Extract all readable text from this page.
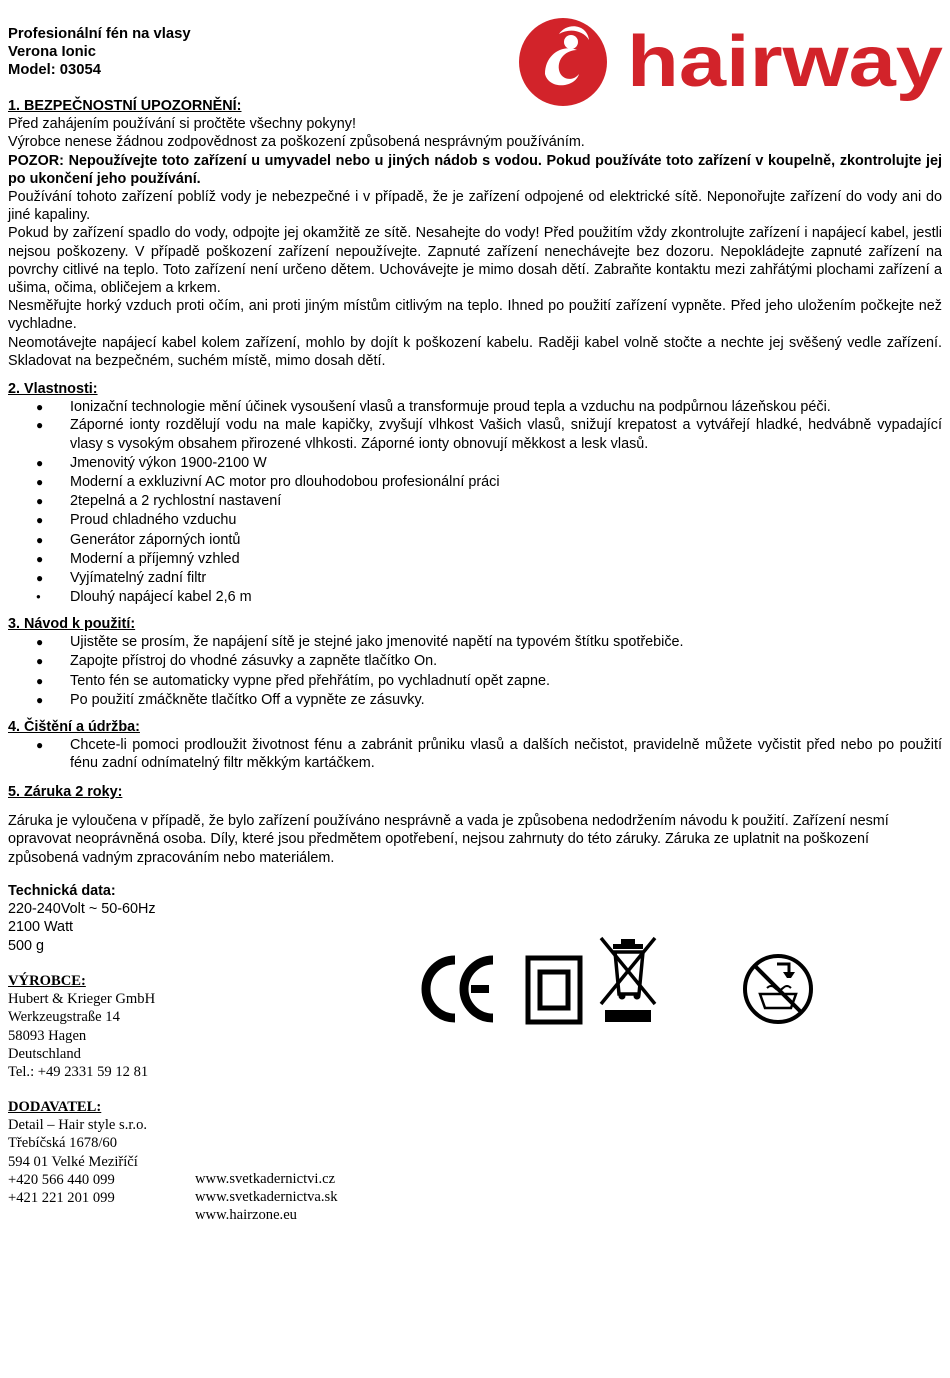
Profesionální fén na vlasy
Verona Ionic
Model: 03054	hairway

1. BEZPEČNOSTNÍ UPOZORNĚNÍ:

Před zahájením používání si pročtěte všechny pokyny!

Výrobce nenese žádnou zodpovědnost za poškození způsobená nesprávným používáním.

POZOR: Nepoužívejte toto zařízení u umyvadel nebo u jiných nádob s vodou. Pokud používáte toto zařízení v koupelně, zkontrolujte jej po ukončení jeho používání.

Používání tohoto zařízení poblíž vody je nebezpečné i v případě, že je zařízení odpojené od elektrické sítě. Neponořujte zařízení do vody ani do jiné kapaliny.

Pokud by zařízení spadlo do vody, odpojte jej okamžitě ze sítě. Nesahejte do vody! Před použitím vždy zkontrolujte zařízení i napájecí kabel, jestli nejsou poškozeny. V případě poškození zařízení nepoužívejte. Zapnuté zařízení nenechávejte bez dozoru. Nepokládejte zapnuté zařízení na povrchy citlivé na teplo. Toto zařízení není určeno dětem. Uchovávejte je mimo dosah dětí. Zabraňte kontaktu mezi zahřátými plochami zařízení a ušima, očima, obličejem a krkem.

Nesměřujte horký vzduch proti očím, ani proti jiným místům citlivým na teplo. Ihned po použití zařízení vypněte. Před jeho uložením počkejte než vychladne.

Neomotávejte napájecí kabel kolem zařízení, mohlo by dojít k poškození kabelu. Raději kabel volně stočte a nechte jej svěšený vedle zařízení. Skladovat na bezpečném, suchém místě, mimo dosah dětí.

2. Vlastnosti:

● Ionizační technologie mění účinek vysoušení vlasů a transformuje proud tepla a vzduchu na podpůrnou lázeňskou péči.
● Záporné ionty rozdělují vodu na male kapičky, zvyšují vlhkost Vašich vlasů, snižují krepatost a vytvářejí hladké, hedvábně vypadající vlasy s vysokým obsahem přirozené vlhkosti. Záporné ionty obnovují měkkost a lesk vlasů.
● Jmenovitý výkon 1900-2100 W
● Moderní a exkluzivní AC motor pro dlouhodobou profesionální práci
● 2tepelná a 2 rychlostní nastavení
● Proud chladného vzduchu
● Generátor záporných iontů
● Moderní a příjemný vzhled
● Vyjímatelný zadní filtr
● Dlouhý napájecí kabel 2,6 m

3. Návod k použití:

● Ujistěte se prosím, že napájení sítě je stejné jako jmenovité napětí na typovém štítku spotřebiče.
● Zapojte přístroj do vhodné zásuvky a zapněte tlačítko On.
● Tento fén se automaticky vypne před přehřátím, po vychladnutí opět zapne.
● Po použití zmáčkněte tlačítko Off a vypněte ze zásuvky.

4. Čištění a údržba:

● Chcete-li pomoci prodloužit životnost fénu a zabránit průniku vlasů a dalších nečistot, pravidelně můžete vyčistit před nebo po použití fénu zadní odnímatelný filtr měkkým kartáčkem.

5. Záruka 2 roky:

Záruka je vyloučena v případě, že bylo zařízení používáno nesprávně a vada je způsobena nedodržením návodu k použití. Zařízení nesmí opravovat neoprávněná osoba. Díly, které jsou předmětem opotřebení, nejsou zahrnuty do této záruky. Záruka ze uplatnit na poškození způsobená vadným zpracováním nebo materiálem.

Technická data:
220-240Volt ~ 50-60Hz
2100 Watt
500 g
VÝROBCE:
Hubert & Krieger GmbH
Werkzeugstraße 14
58093 Hagen
Deutschland
Tel.: +49 2331 59 12 81
DODAVATEL:
Detail – Hair style s.r.o.
Třebíčská 1678/60
594 01 Velké Meziříčí
+420 566 440 099
+421 221 201 099
www.svetkadernictvi.cz
www.svetkadernictva.sk
www.hairzone.eu
